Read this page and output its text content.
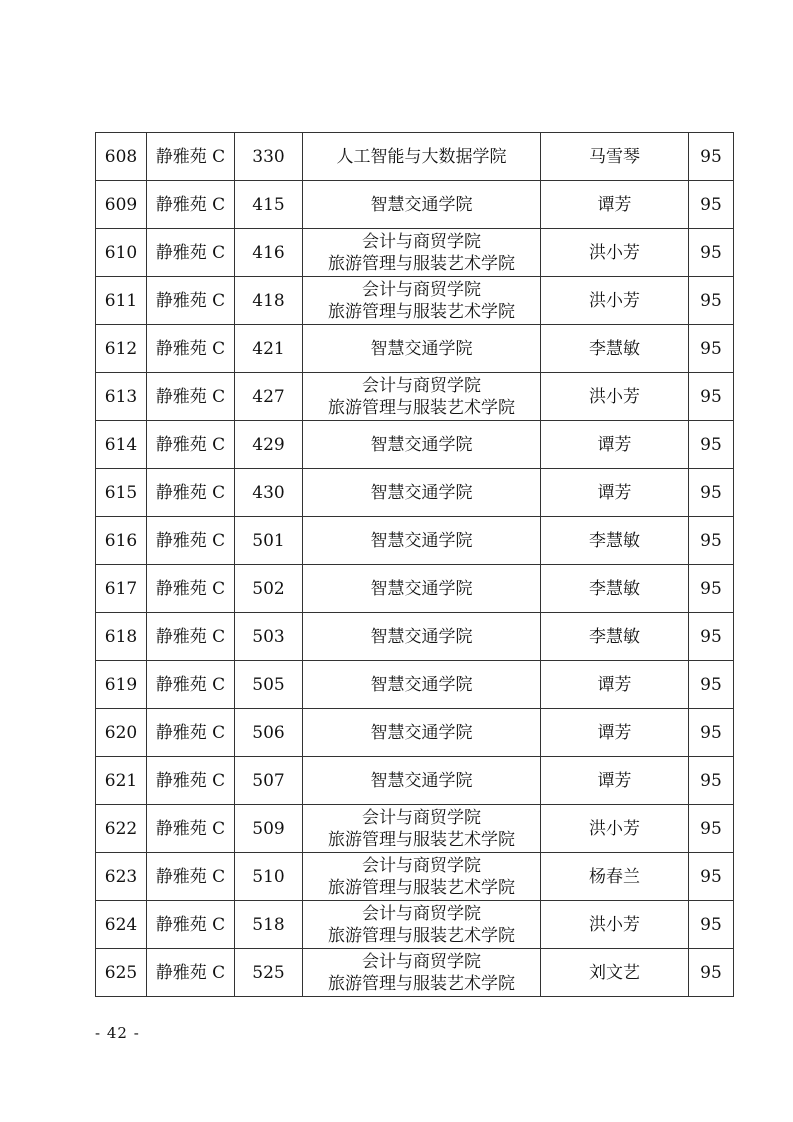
608	静雅苑 C	330	人工智能与大数据学院	马雪琴	95
609	静雅苑 C	415	智慧交通学院	谭芳	95
610	静雅苑 C	416	会计与商贸学院
旅游管理与服装艺术学院	洪小芳	95
611	静雅苑 C	418	会计与商贸学院
旅游管理与服装艺术学院	洪小芳	95
612	静雅苑 C	421	智慧交通学院	李慧敏	95
613	静雅苑 C	427	会计与商贸学院
旅游管理与服装艺术学院	洪小芳	95
614	静雅苑 C	429	智慧交通学院	谭芳	95
615	静雅苑 C	430	智慧交通学院	谭芳	95
616	静雅苑 C	501	智慧交通学院	李慧敏	95
617	静雅苑 C	502	智慧交通学院	李慧敏	95
618	静雅苑 C	503	智慧交通学院	李慧敏	95
619	静雅苑 C	505	智慧交通学院	谭芳	95
620	静雅苑 C	506	智慧交通学院	谭芳	95
621	静雅苑 C	507	智慧交通学院	谭芳	95
622	静雅苑 C	509	会计与商贸学院
旅游管理与服装艺术学院	洪小芳	95
623	静雅苑 C	510	会计与商贸学院
旅游管理与服装艺术学院	杨春兰	95
624	静雅苑 C	518	会计与商贸学院
旅游管理与服装艺术学院	洪小芳	95
625	静雅苑 C	525	会计与商贸学院
旅游管理与服装艺术学院	刘文艺	95
- 42 -
